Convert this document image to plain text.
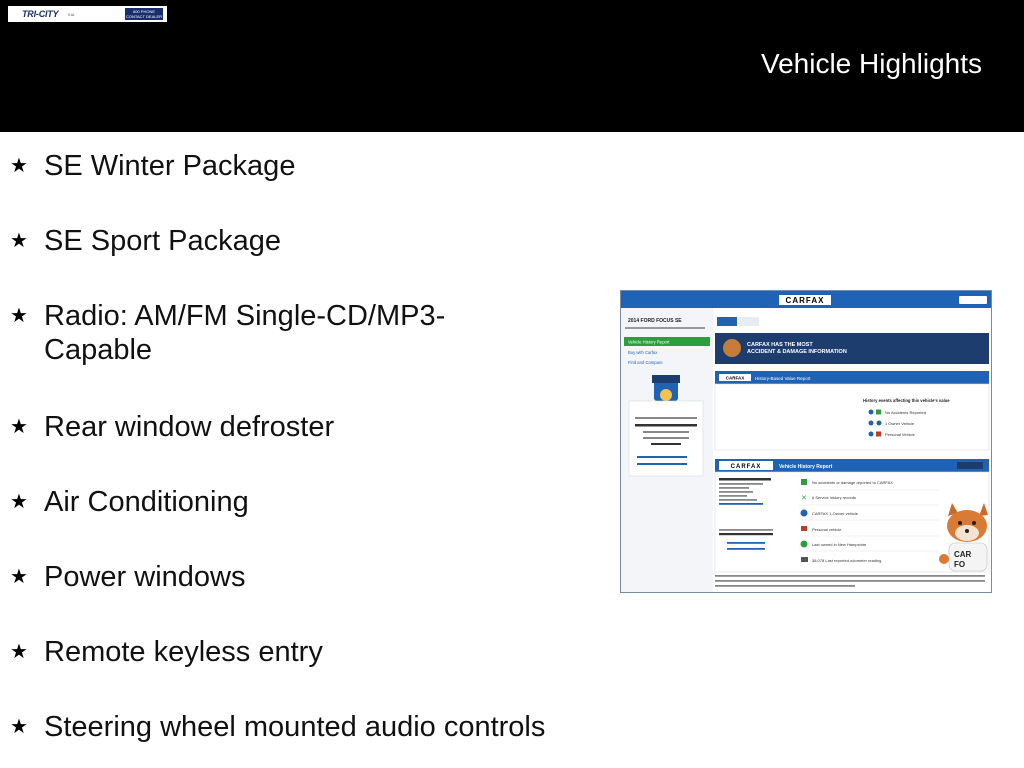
TRI-CITY	KIA	800 PHONE
CONTACT DEALER
Vehicle Highlights
★ SE Winter Package
★ SE Sport Package
★ Radio: AM/FM Single-CD/MP3-
Capable
★ Rear window defroster
★ Air Conditioning
★ Power windows
★ Remote keyless entry
★ Steering wheel mounted audio controls
CARFAX
2014 FORD FOCUS SE
Vehicle History Report
Buy with Carfax
Find and Compare
CARFAX HAS THE MOST
ACCIDENT & DAMAGE INFORMATION
CARFAX History-Based Value Report
History events affecting this vehicle's value
No Accidents Reported
1 Owner Vehicle
Personal Vehicle
CARFAX	Vehicle History Report
No accidents or damage reported to CARFAX
✕ 6 Service history records
CARFAX 1-Owner vehicle
Personal vehicle
Last owned in New Hampshire
38,078 Last reported odometer reading
CAR
FO
